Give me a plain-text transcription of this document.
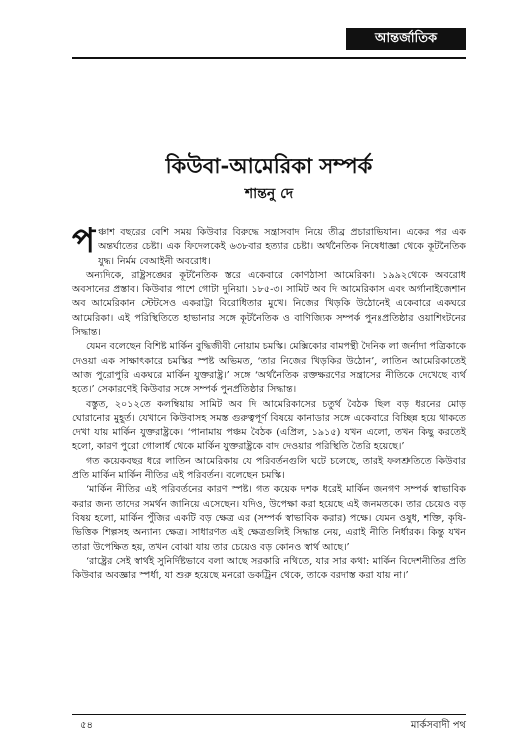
আন্তর্জাতিক
কিউবা-আমেরিকা সম্পর্ক
শান্তনু দে

পঞ্চাশ বছরের বেশি সময় কিউবার বিরুদ্ধে সন্ত্রাসবাদ নিয়ে তীব্র প্রচারাভিযান। একের পর এক অন্তর্ঘাতের চেষ্টা। এক ফিদেলকেই ৬৩৮বার হত্যার চেষ্টা। অর্থনৈতিক নিষেধাজ্ঞা থেকে কূটনৈতিক যুদ্ধ। নির্মম বেআইনী অবরোধ।

অন্যদিকে, রাষ্ট্রসঙ্ঘের কূটনৈতিক স্তরে একেবারে কোণঠাসা আমেরিকা। ১৯৯২থেকে অবরোধ অবসানের প্রস্তাব। কিউবার পাশে গোটা দুনিয়া। ১৮৫-৩। সামিট অব দি আমেরিকাস এবং অর্গানাইজেশান অব আমেরিকান স্টেটসেও একরাট্টা বিরোধিতার মুখে। নিজের খিড়কি উঠোনেই একেবারে একঘরে আমেরিকা। এই পরিস্থিতিতে হাভানার সঙ্গে কূটনৈতিক ও বাণিজ্যিক সম্পর্ক পুনঃপ্রতিষ্ঠার ওয়াশিংটনের সিদ্ধান্ত।

যেমন বলেছেন বিশিষ্ট মার্কিন বুদ্ধিজীবী নোয়াম চমস্কি। মেক্সিকোর বামপন্থী দৈনিক লা জর্নাদা পত্রিকাকে দেওয়া এক সাক্ষাৎকারে চমস্কির স্পষ্ট অভিমত, ‘তার নিজের খিড়কির উঠোন’, লাতিন আমেরিকাতেই আজ পুরোপুরি একঘরে মার্কিন যুক্তরাষ্ট্র।’ সঙ্গে ‘অর্থনৈতিক রক্তক্ষরণের সন্ত্রাসের নীতিকে দেখেছে ব্যর্থ হতে।’ সেকারণেই কিউবার সঙ্গে সম্পর্ক পুনর্প্রতিষ্ঠার সিদ্ধান্ত।

বস্তুত, ২০১২তে কলম্বিয়ায় সামিট অব দি আমেরিকাসের চতুর্থ বৈঠক ছিল বড় ধরনের মোড় ঘোরানোর মুহূর্ত। যেখানে কিউবাসহ সমস্ত গুরুত্বপূর্ণ বিষয়ে কানাডার সঙ্গে একেবারে বিচ্ছিন্ন হয়ে থাকতে দেখা যায় মার্কিন যুক্তরাষ্ট্রকে। ‘পানামায় পঞ্চম বৈঠক (এপ্রিল, ১৯১৫) যখন এলো, তখন কিছু করতেই হলো, কারণ পুরো গোলার্ধ থেকে মার্কিন যুক্তরাষ্ট্রকে বাদ দেওয়ার পরিস্থিতি তৈরি হয়েছে।’

গত কয়েকবছর ধরে লাতিন আমেরিকায় যে পরিবর্তনগুলি ঘটে চলেছে, তারই ফলশ্রুতিতে কিউবার প্রতি মার্কিন মার্কিন নীতির এই পরিবর্তন। বলেছেন চমস্কি।

‘মার্কিন নীতির এই পরিবর্তনের কারণ স্পষ্ট। গত কয়েক দশক ধরেই মার্কিন জনগণ সম্পর্ক স্বাভাবিক করার জন্য তাদের সমর্থন জানিয়ে এসেছেন। যদিও, উপেক্ষা করা হয়েছে এই জনমতকে। তার চেয়েও বড় বিষয় হলো, মার্কিন পুঁজির একটি বড় ক্ষেত্র এর (সম্পর্ক স্বাভাবিক করার) পক্ষে। যেমন ওষুধ, শক্তি, কৃষি-ভিত্তিক শিল্পসহ অন্যান্য ক্ষেত্র। সাধারণত এই ক্ষেত্রগুলিই সিদ্ধান্ত নেয়, এরাই নীতি নির্ধারক। কিন্তু যখন তারা উপেক্ষিত হয়, তখন বোঝা যায় তার চেয়েও বড় কোনও স্বার্থ আছে।’

‘রাষ্ট্রের সেই স্বার্থই সুনির্দিষ্টভাবে বলা আছে সরকারি নথিতে, যার সার কথা: মার্কিন বিদেশনীতির প্রতি কিউবার অবজ্ঞার স্পর্ধা, যা শুরু হয়েছে মনরো ডকট্রিন থেকে, তাকে বরদাস্ত করা যায় না।’

৫৪	মার্কসবাদী পথ
